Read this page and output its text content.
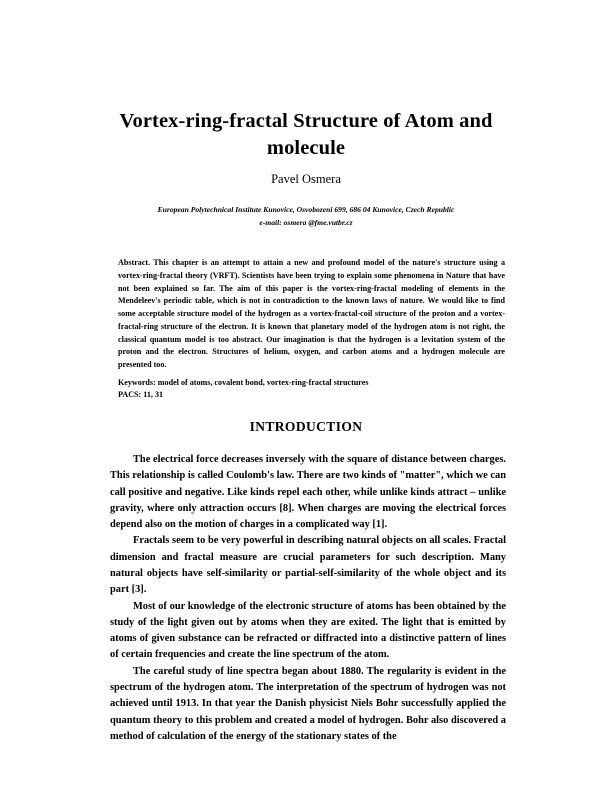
Vortex-ring-fractal Structure of Atom and molecule
Pavel Osmera
European Polytechnical Institute Kunovice, Osvobozeni 699, 686 04 Kunovice, Czech Republic
e-mail: osmera @fme.vutbr.cz
Abstract. This chapter is an attempt to attain a new and profound model of the nature's structure using a vortex-ring-fractal theory (VRFT). Scientists have been trying to explain some phenomena in Nature that have not been explained so far. The aim of this paper is the vortex-ring-fractal modeling of elements in the Mendeleev's periodic table, which is not in contradiction to the known laws of nature. We would like to find some acceptable structure model of the hydrogen as a vortex-fractal-coil structure of the proton and a vortex-fractal-ring structure of the electron. It is known that planetary model of the hydrogen atom is not right, the classical quantum model is too abstract. Our imagination is that the hydrogen is a levitation system of the proton and the electron. Structures of helium, oxygen, and carbon atoms and a hydrogen molecule are presented too.
Keywords: model of atoms, covalent bond, vortex-ring-fractal structures
PACS: 11, 31
INTRODUCTION

The electrical force decreases inversely with the square of distance between charges. This relationship is called Coulomb's law. There are two kinds of "matter", which we can call positive and negative. Like kinds repel each other, while unlike kinds attract – unlike gravity, where only attraction occurs [8]. When charges are moving the electrical forces depend also on the motion of charges in a complicated way [1].

Fractals seem to be very powerful in describing natural objects on all scales. Fractal dimension and fractal measure are crucial parameters for such description. Many natural objects have self-similarity or partial-self-similarity of the whole object and its part [3].

Most of our knowledge of the electronic structure of atoms has been obtained by the study of the light given out by atoms when they are exited. The light that is emitted by atoms of given substance can be refracted or diffracted into a distinctive pattern of lines of certain frequencies and create the line spectrum of the atom.

The careful study of line spectra began about 1880. The regularity is evident in the spectrum of the hydrogen atom. The interpretation of the spectrum of hydrogen was not achieved until 1913. In that year the Danish physicist Niels Bohr successfully applied the quantum theory to this problem and created a model of hydrogen. Bohr also discovered a method of calculation of the energy of the stationary states of the
